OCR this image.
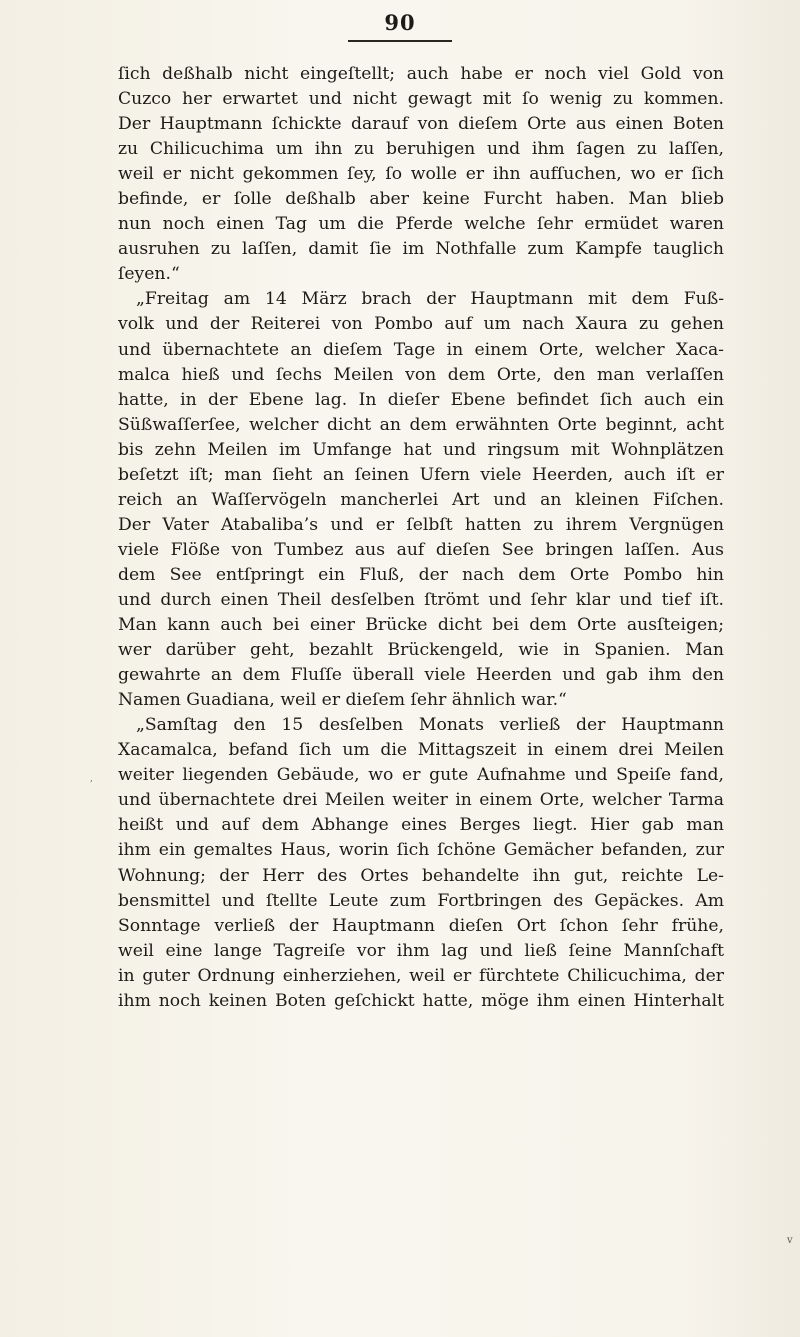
90
ſich deßhalb nicht eingeſtellt; auch habe er noch viel Gold von
Cuzco her erwartet und nicht gewagt mit ſo wenig zu kommen.
Der Hauptmann ſchickte darauf von dieſem Orte aus einen Boten
zu Chilicuchima um ihn zu beruhigen und ihm ſagen zu laſſen,
weil er nicht gekommen ſey, ſo wolle er ihn aufſuchen, wo er ſich
befinde, er ſolle deßhalb aber keine Furcht haben. Man blieb
nun noch einen Tag um die Pferde welche ſehr ermüdet waren
ausruhen zu laſſen, damit ſie im Nothfalle zum Kampfe tauglich
ſeyen.“
„Freitag am 14 März brach der Hauptmann mit dem Fuß-
volk und der Reiterei von Pombo auf um nach Xaura zu gehen
und übernachtete an dieſem Tage in einem Orte, welcher Xaca-
malca hieß und ſechs Meilen von dem Orte, den man verlaſſen
hatte, in der Ebene lag. In dieſer Ebene befindet ſich auch ein
Süßwaſſerſee, welcher dicht an dem erwähnten Orte beginnt, acht
bis zehn Meilen im Umfange hat und ringsum mit Wohnplätzen
beſetzt iſt; man ſieht an ſeinen Ufern viele Heerden, auch iſt er
reich an Waſſervögeln mancherlei Art und an kleinen Fiſchen.
Der Vater Atabaliba’s und er ſelbſt hatten zu ihrem Vergnügen
viele Flöße von Tumbez aus auf dieſen See bringen laſſen. Aus
dem See entſpringt ein Fluß, der nach dem Orte Pombo hin
und durch einen Theil desſelben ſtrömt und ſehr klar und tief iſt.
Man kann auch bei einer Brücke dicht bei dem Orte ausſteigen;
wer darüber geht, bezahlt Brückengeld, wie in Spanien. Man
gewahrte an dem Fluſſe überall viele Heerden und gab ihm den
Namen Guadiana, weil er dieſem ſehr ähnlich war.“
„Samſtag den 15 desſelben Monats verließ der Hauptmann
Xacamalca, befand ſich um die Mittagszeit in einem drei Meilen
weiter liegenden Gebäude, wo er gute Aufnahme und Speiſe fand,
und übernachtete drei Meilen weiter in einem Orte, welcher Tarma
heißt und auf dem Abhange eines Berges liegt. Hier gab man
ihm ein gemaltes Haus, worin ſich ſchöne Gemächer befanden, zur
Wohnung; der Herr des Ortes behandelte ihn gut, reichte Le-
bensmittel und ſtellte Leute zum Fortbringen des Gepäckes. Am
Sonntage verließ der Hauptmann dieſen Ort ſchon ſehr frühe,
weil eine lange Tagreiſe vor ihm lag und ließ ſeine Mannſchaft
in guter Ordnung einherziehen, weil er fürchtete Chilicuchima, der
ihm noch keinen Boten geſchickt hatte, möge ihm einen Hinterhalt
,
v
